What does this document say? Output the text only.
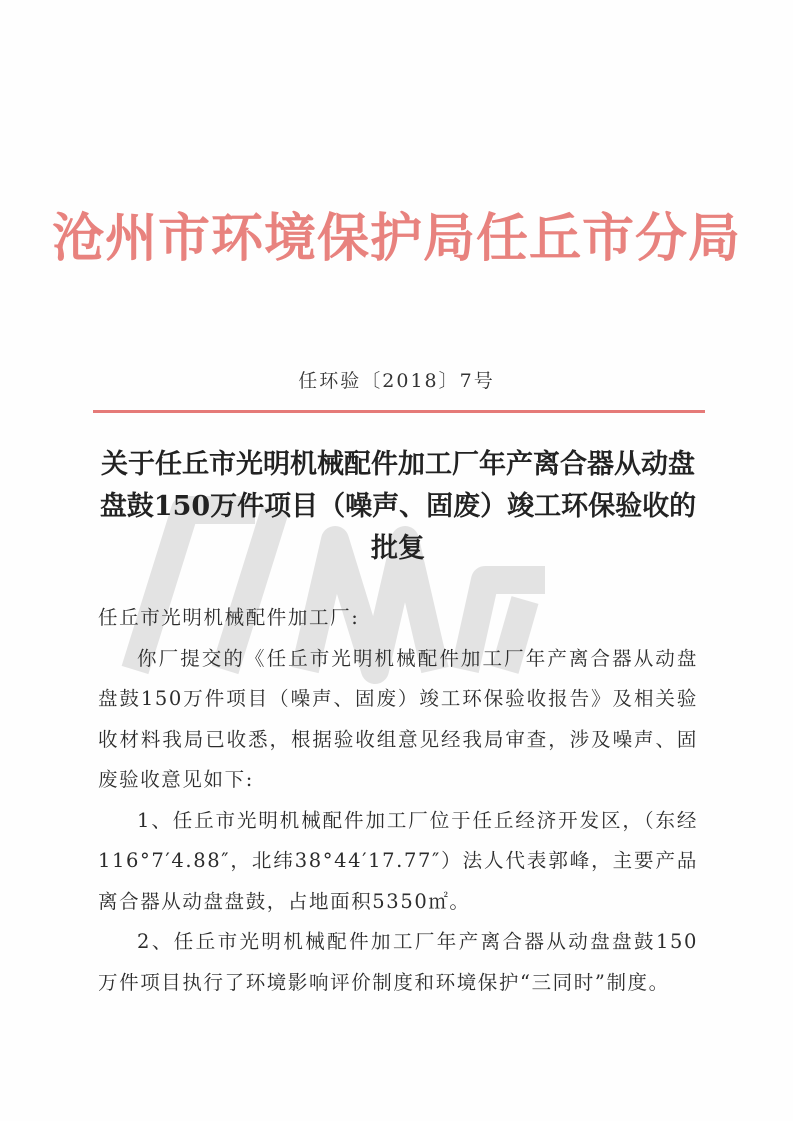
沧州市环境保护局任丘市分局
任环验〔2018〕7号
关于任丘市光明机械配件加工厂年产离合器从动盘
盘鼓150万件项目（噪声、固废）竣工环保验收的
批复

任丘市光明机械配件加工厂:

你厂提交的《任丘市光明机械配件加工厂年产离合器从动盘盘鼓150万件项目（噪声、固废）竣工环保验收报告》及相关验收材料我局已收悉，根据验收组意见经我局审查，涉及噪声、固废验收意见如下:

1、任丘市光明机械配件加工厂位于任丘经济开发区，（东经116°7′4.88″，北纬38°44′17.77″）法人代表郭峰，主要产品离合器从动盘盘鼓，占地面积5350㎡。

2、任丘市光明机械配件加工厂年产离合器从动盘盘鼓150万件项目执行了环境影响评价制度和环境保护“三同时”制度。
